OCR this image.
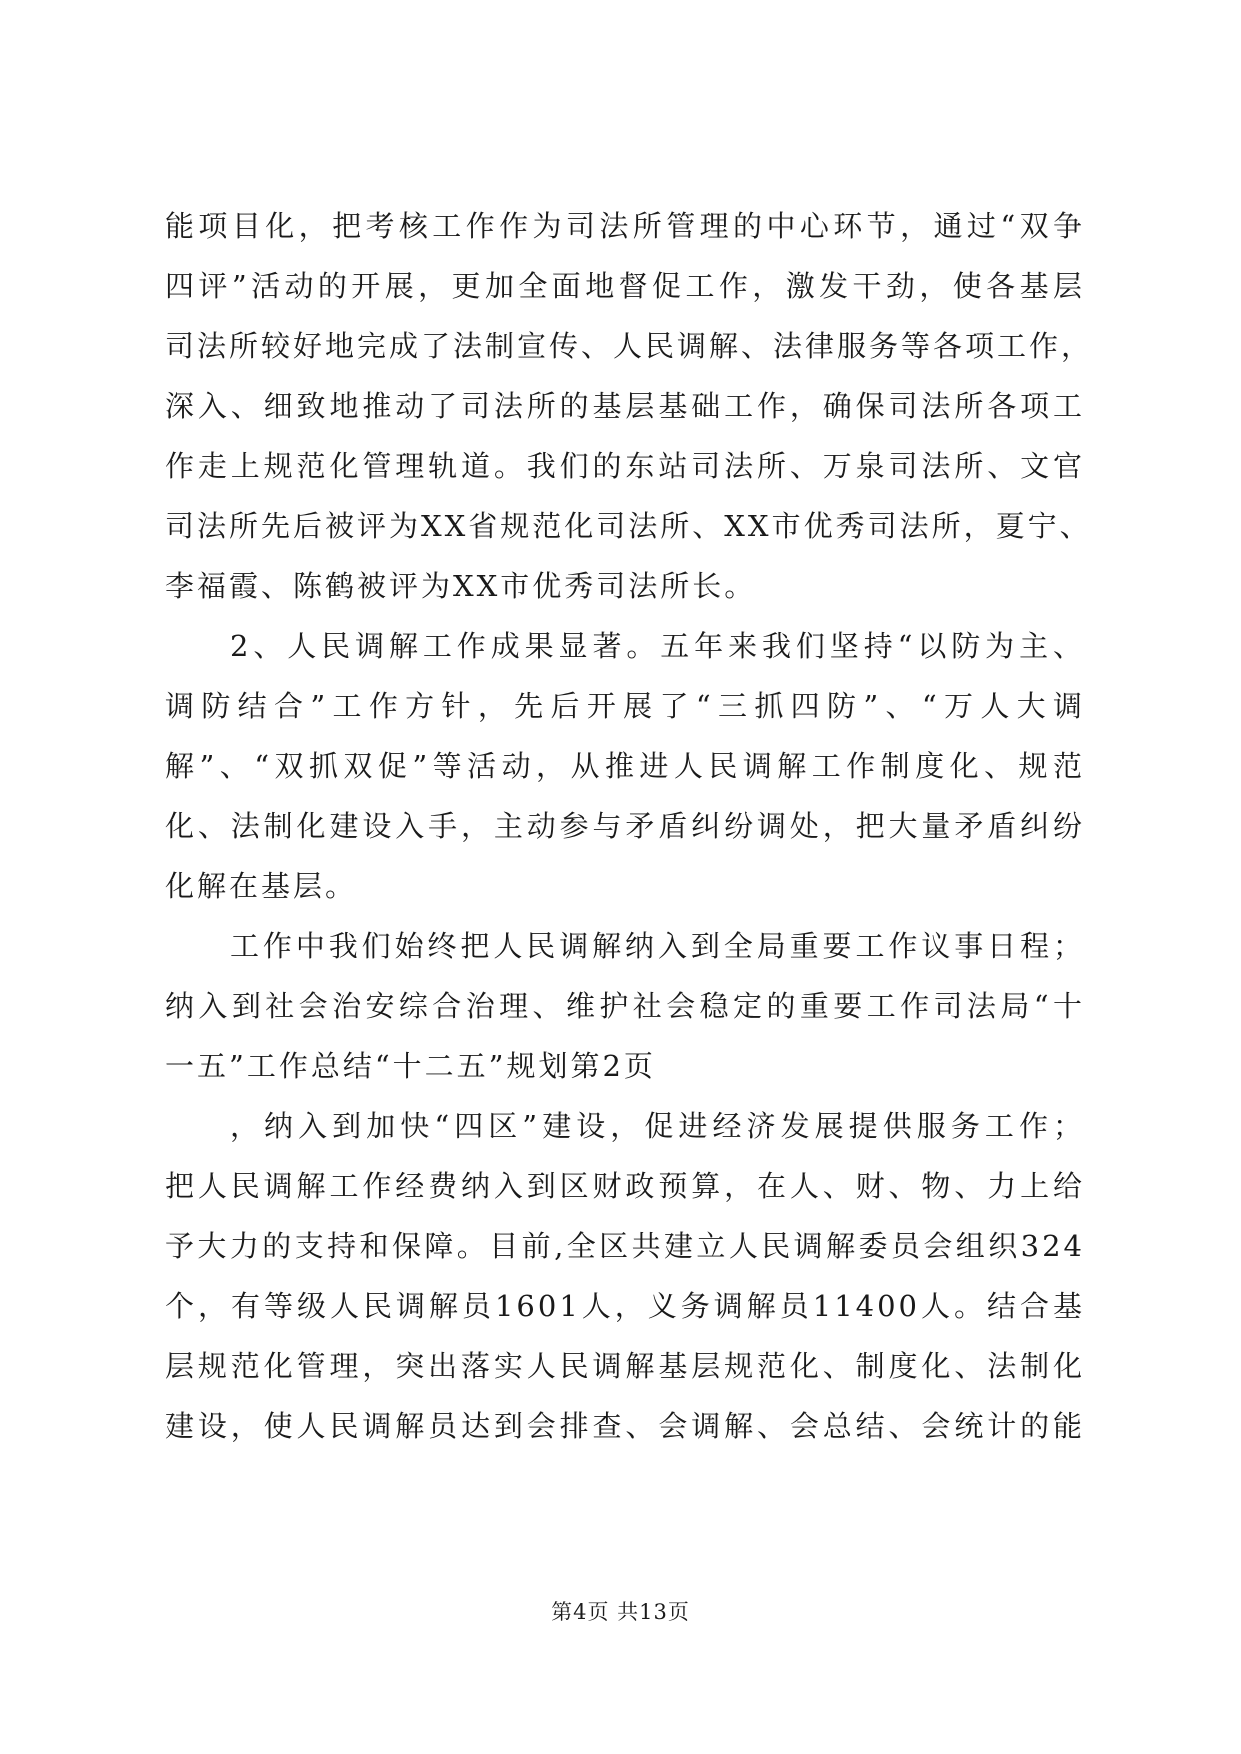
能项目化，把考核工作作为司法所管理的中心环节，通过“双争
四评”活动的开展，更加全面地督促工作，激发干劲，使各基层
司法所较好地完成了法制宣传、人民调解、法律服务等各项工作，
深入、细致地推动了司法所的基层基础工作，确保司法所各项工
作走上规范化管理轨道。我们的东站司法所、万泉司法所、文官
司法所先后被评为XX省规范化司法所、XX市优秀司法所，夏宁、
李福霞、陈鹤被评为XX市优秀司法所长。
2、人民调解工作成果显著。五年来我们坚持“以防为主、
调防结合”工作方针，先后开展了“三抓四防”、“万人大调
解”、“双抓双促”等活动，从推进人民调解工作制度化、规范
化、法制化建设入手，主动参与矛盾纠纷调处，把大量矛盾纠纷
化解在基层。
工作中我们始终把人民调解纳入到全局重要工作议事日程；
纳入到社会治安综合治理、维护社会稳定的重要工作司法局“十
一五”工作总结“十二五”规划第2页
，纳入到加快“四区”建设，促进经济发展提供服务工作；
把人民调解工作经费纳入到区财政预算，在人、财、物、力上给
予大力的支持和保障。目前,全区共建立人民调解委员会组织324
个，有等级人民调解员1601人，义务调解员11400人。结合基
层规范化管理，突出落实人民调解基层规范化、制度化、法制化
建设，使人民调解员达到会排查、会调解、会总结、会统计的能
第4页 共13页
